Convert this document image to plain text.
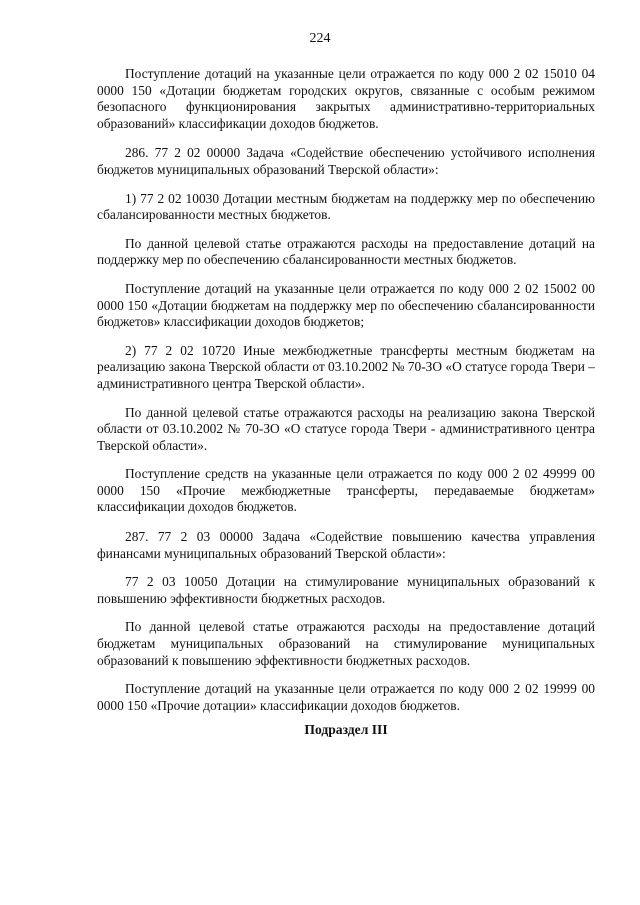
224

Поступление дотаций на указанные цели отражается по коду 000 2 02 15010 04 0000 150 «Дотации бюджетам городских округов, связанные с особым режимом безопасного функционирования закрытых административно-территориальных образований» классификации доходов бюджетов.

286. 77 2 02 00000 Задача «Содействие обеспечению устойчивого исполнения бюджетов муниципальных образований Тверской области»:

1) 77 2 02 10030 Дотации местным бюджетам на поддержку мер по обеспечению сбалансированности местных бюджетов.

По данной целевой статье отражаются расходы на предоставление дотаций на поддержку мер по обеспечению сбалансированности местных бюджетов.

Поступление дотаций на указанные цели отражается по коду 000 2 02 15002 00 0000 150 «Дотации бюджетам на поддержку мер по обеспечению сбалансированности бюджетов» классификации доходов бюджетов;

2) 77 2 02 10720 Иные межбюджетные трансферты местным бюджетам на реализацию закона Тверской области от 03.10.2002 № 70-ЗО «О статусе города Твери – административного центра Тверской области».

По данной целевой статье отражаются расходы на реализацию закона Тверской области от 03.10.2002 № 70-ЗО «О статусе города Твери - административного центра Тверской области».

Поступление средств на указанные цели отражается по коду 000 2 02 49999 00 0000 150 «Прочие межбюджетные трансферты, передаваемые бюджетам» классификации доходов бюджетов.

287. 77 2 03 00000 Задача «Содействие повышению качества управления финансами муниципальных образований Тверской области»:

77 2 03 10050 Дотации на стимулирование муниципальных образований к повышению эффективности бюджетных расходов.

По данной целевой статье отражаются расходы на предоставление дотаций бюджетам муниципальных образований на стимулирование муниципальных образований к повышению эффективности бюджетных расходов.

Поступление дотаций на указанные цели отражается по коду 000 2 02 19999 00 0000 150 «Прочие дотации» классификации доходов бюджетов.

Подраздел III
